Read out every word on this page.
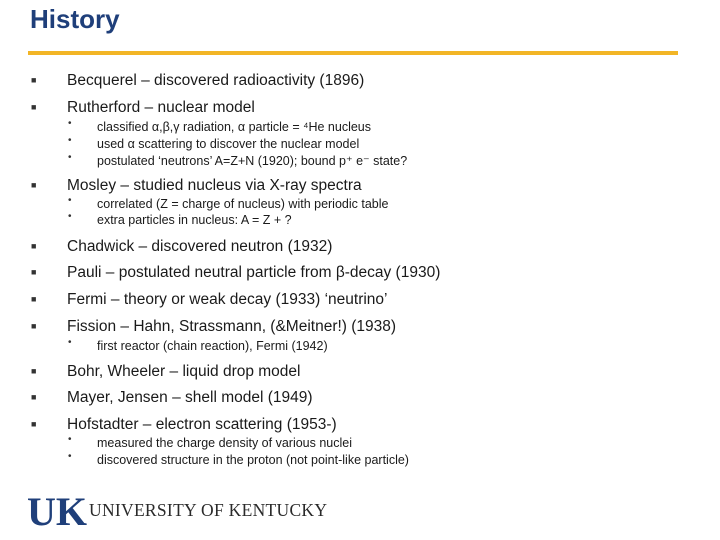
History
■ Becquerel – discovered radioactivity (1896)
■ Rutherford – nuclear model
• classified α,β,γ radiation, α particle = ⁴He nucleus
• used α scattering to discover the nuclear model
• postulated ‘neutrons’ A=Z+N (1920); bound p⁺ e⁻ state?
■ Mosley – studied nucleus via X-ray spectra
• correlated (Z = charge of nucleus) with periodic table
• extra particles in nucleus: A = Z + ?
■ Chadwick – discovered neutron (1932)
■ Pauli – postulated neutral particle from β-decay (1930)
■ Fermi – theory or weak decay (1933) ‘neutrino’
■ Fission – Hahn, Strassmann, (&Meitner!) (1938)
• first reactor (chain reaction), Fermi (1942)
■ Bohr, Wheeler – liquid drop model
■ Mayer, Jensen – shell model (1949)
■ Hofstadter – electron scattering (1953-)
• measured the charge density of various nuclei
• discovered structure in the proton (not point-like particle)
UK UNIVERSITY OF KENTUCKY
